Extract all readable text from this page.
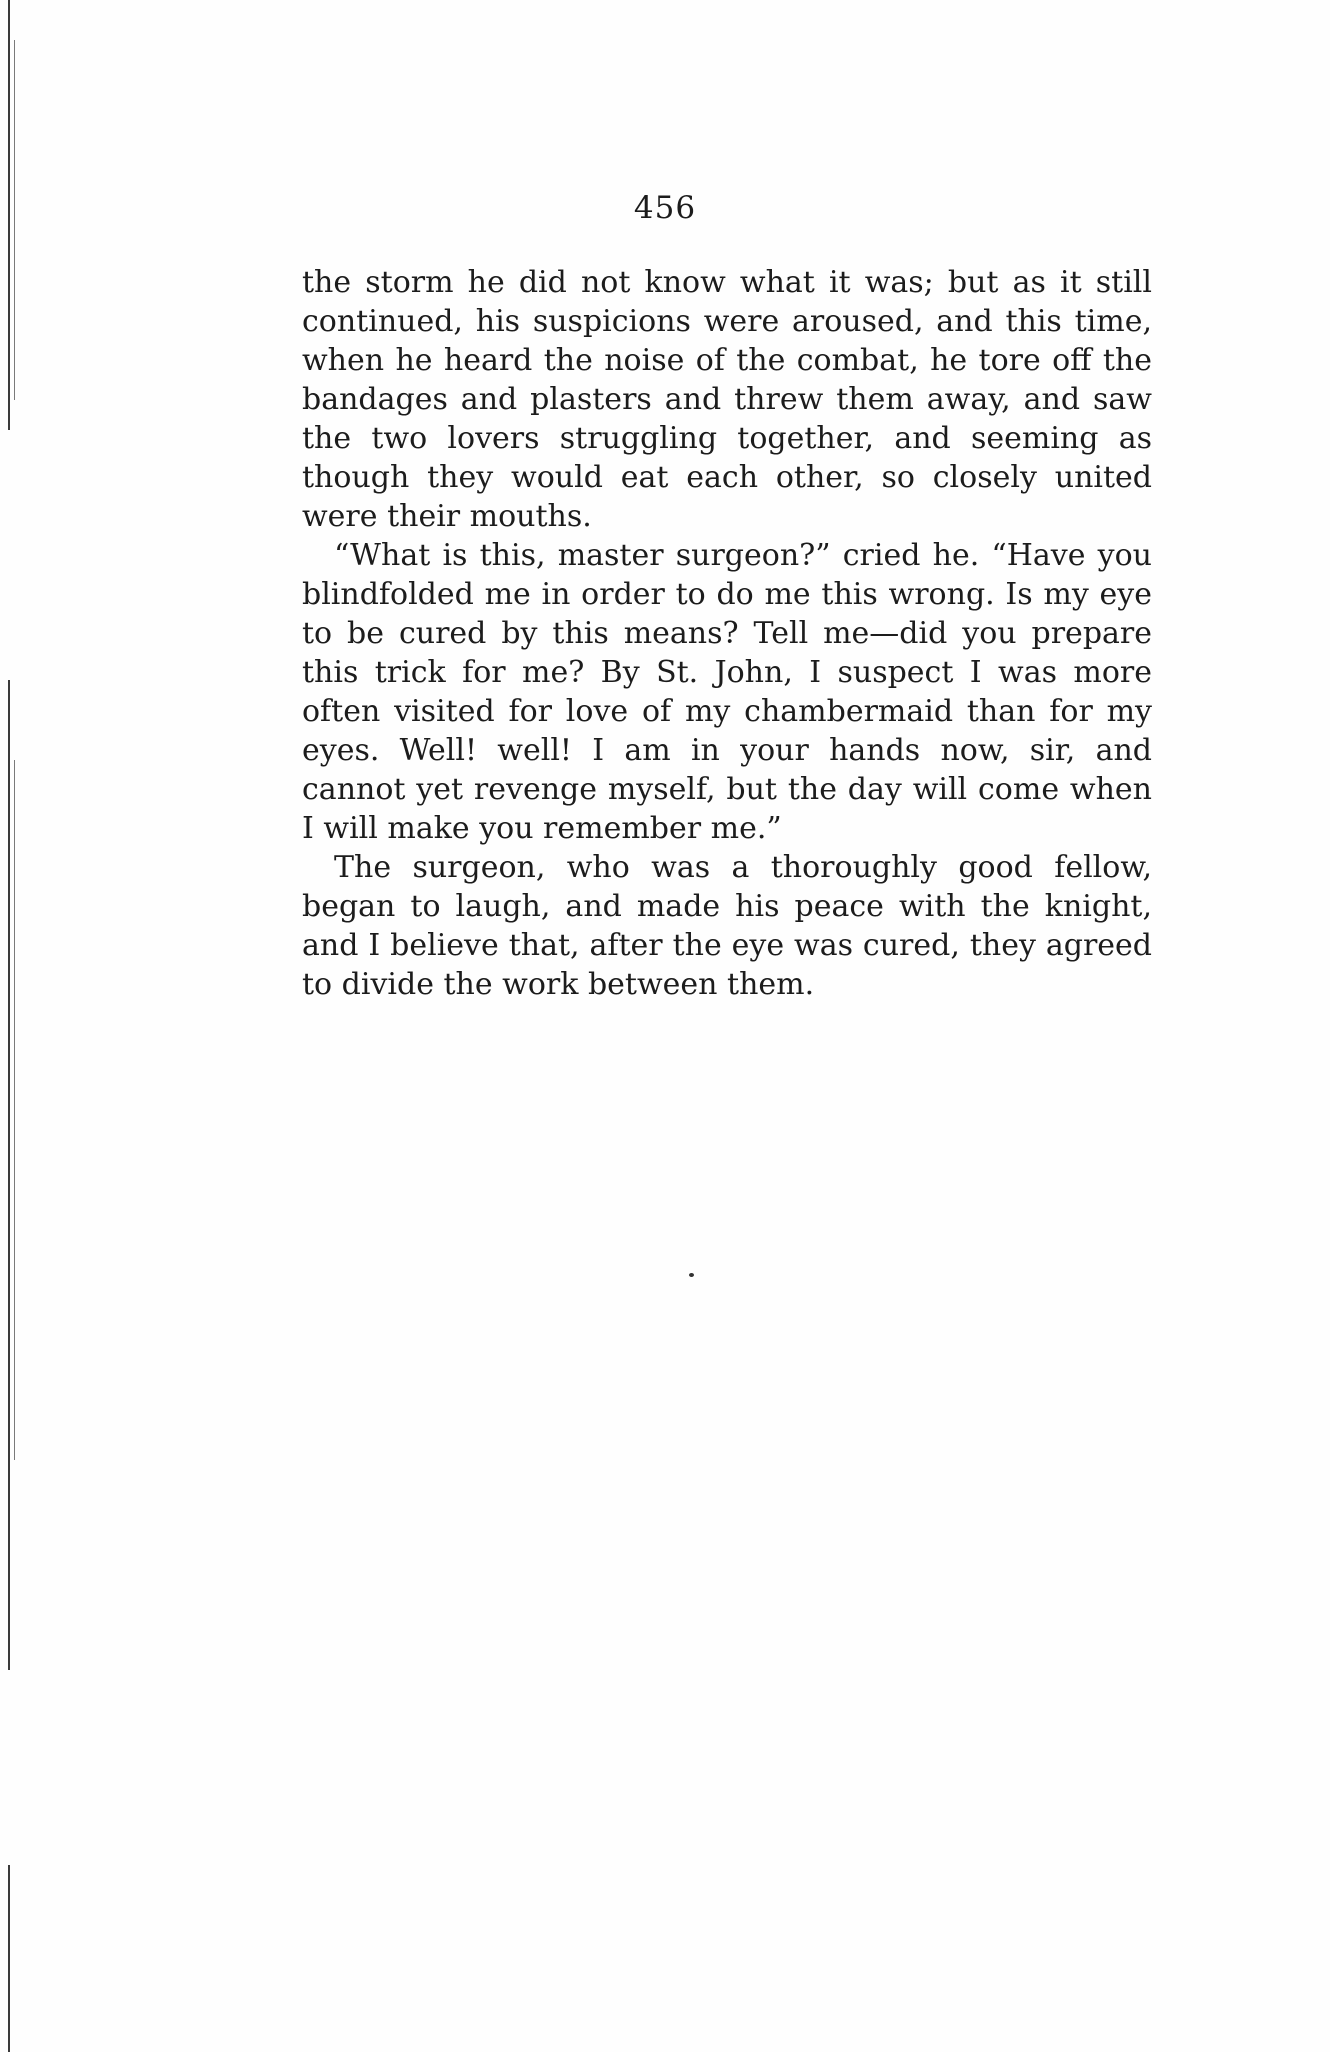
456

the storm he did not know what it was; but as it still continued, his suspicions were aroused, and this time, when he heard the noise of the combat, he tore off the bandages and plasters and threw them away, and saw the two lovers struggling together, and seeming as though they would eat each other, so closely united were their mouths.

“What is this, master surgeon?” cried he. “Have you blindfolded me in order to do me this wrong. Is my eye to be cured by this means? Tell me—did you prepare this trick for me? By St. John, I suspect I was more often visited for love of my chambermaid than for my eyes. Well! well! I am in your hands now, sir, and cannot yet revenge myself, but the day will come when I will make you remember me.”

The surgeon, who was a thoroughly good fellow, began to laugh, and made his peace with the knight, and I believe that, after the eye was cured, they agreed to divide the work between them.
